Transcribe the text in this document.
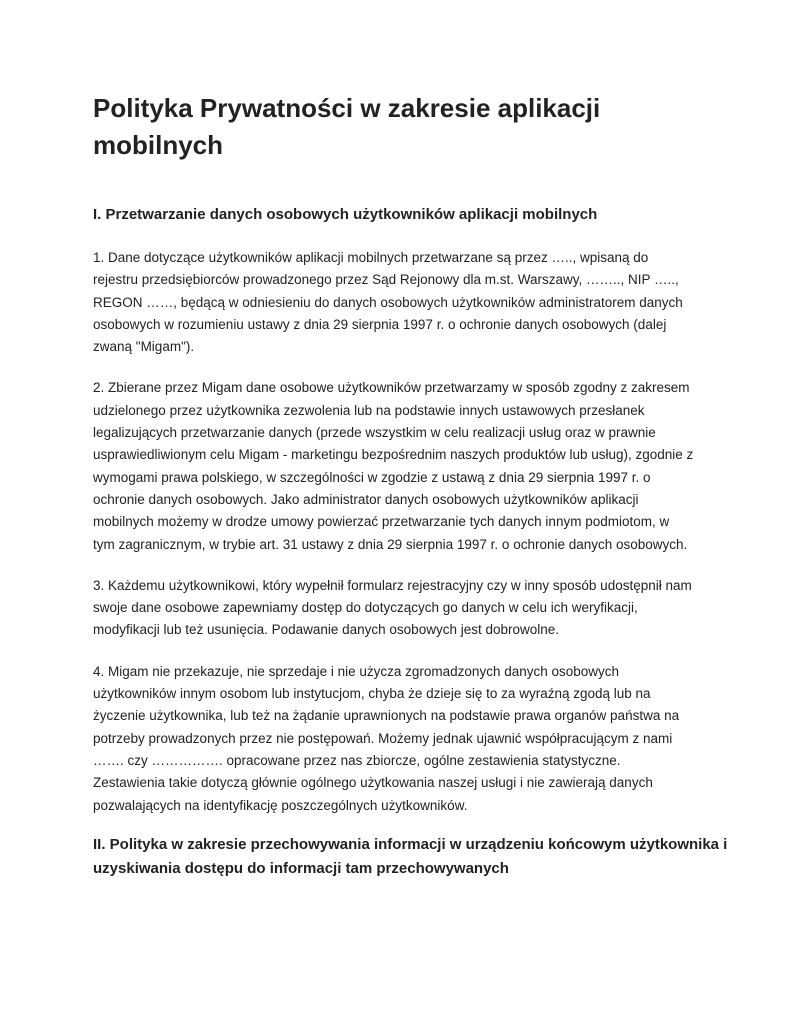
Polityka Prywatności w zakresie aplikacji mobilnych
I. Przetwarzanie danych osobowych użytkowników aplikacji mobilnych

1. Dane dotyczące użytkowników aplikacji mobilnych przetwarzane są przez ….., wpisaną do
rejestru przedsiębiorców prowadzonego przez Sąd Rejonowy dla m.st. Warszawy, …….., NIP …..,
REGON ……, będącą w odniesieniu do danych osobowych użytkowników administratorem danych
osobowych w rozumieniu ustawy z dnia 29 sierpnia 1997 r. o ochronie danych osobowych (dalej
zwaną "Migam").

2. Zbierane przez Migam dane osobowe użytkowników przetwarzamy w sposób zgodny z zakresem
udzielonego przez użytkownika zezwolenia lub na podstawie innych ustawowych przesłanek
legalizujących przetwarzanie danych (przede wszystkim w celu realizacji usług oraz w prawnie
usprawiedliwionym celu Migam - marketingu bezpośrednim naszych produktów lub usług), zgodnie z
wymogami prawa polskiego, w szczególności w zgodzie z ustawą z dnia 29 sierpnia 1997 r. o
ochronie danych osobowych. Jako administrator danych osobowych użytkowników aplikacji
mobilnych możemy w drodze umowy powierzać przetwarzanie tych danych innym podmiotom, w
tym zagranicznym, w trybie art. 31 ustawy z dnia 29 sierpnia 1997 r. o ochronie danych osobowych.

3. Każdemu użytkownikowi, który wypełnił formularz rejestracyjny czy w inny sposób udostępnił nam
swoje dane osobowe zapewniamy dostęp do dotyczących go danych w celu ich weryfikacji,
modyfikacji lub też usunięcia. Podawanie danych osobowych jest dobrowolne.

4. Migam nie przekazuje, nie sprzedaje i nie użycza zgromadzonych danych osobowych
użytkowników innym osobom lub instytucjom, chyba że dzieje się to za wyraźną zgodą lub na
życzenie użytkownika, lub też na żądanie uprawnionych na podstawie prawa organów państwa na
potrzeby prowadzonych przez nie postępowań. Możemy jednak ujawnić współpracującym z nami
……. czy ……………. opracowane przez nas zbiorcze, ogólne zestawienia statystyczne.
Zestawienia takie dotyczą głównie ogólnego użytkowania naszej usługi i nie zawierają danych
pozwalających na identyfikację poszczególnych użytkowników.

II. Polityka w zakresie przechowywania informacji w urządzeniu końcowym użytkownika i
uzyskiwania dostępu do informacji tam przechowywanych
